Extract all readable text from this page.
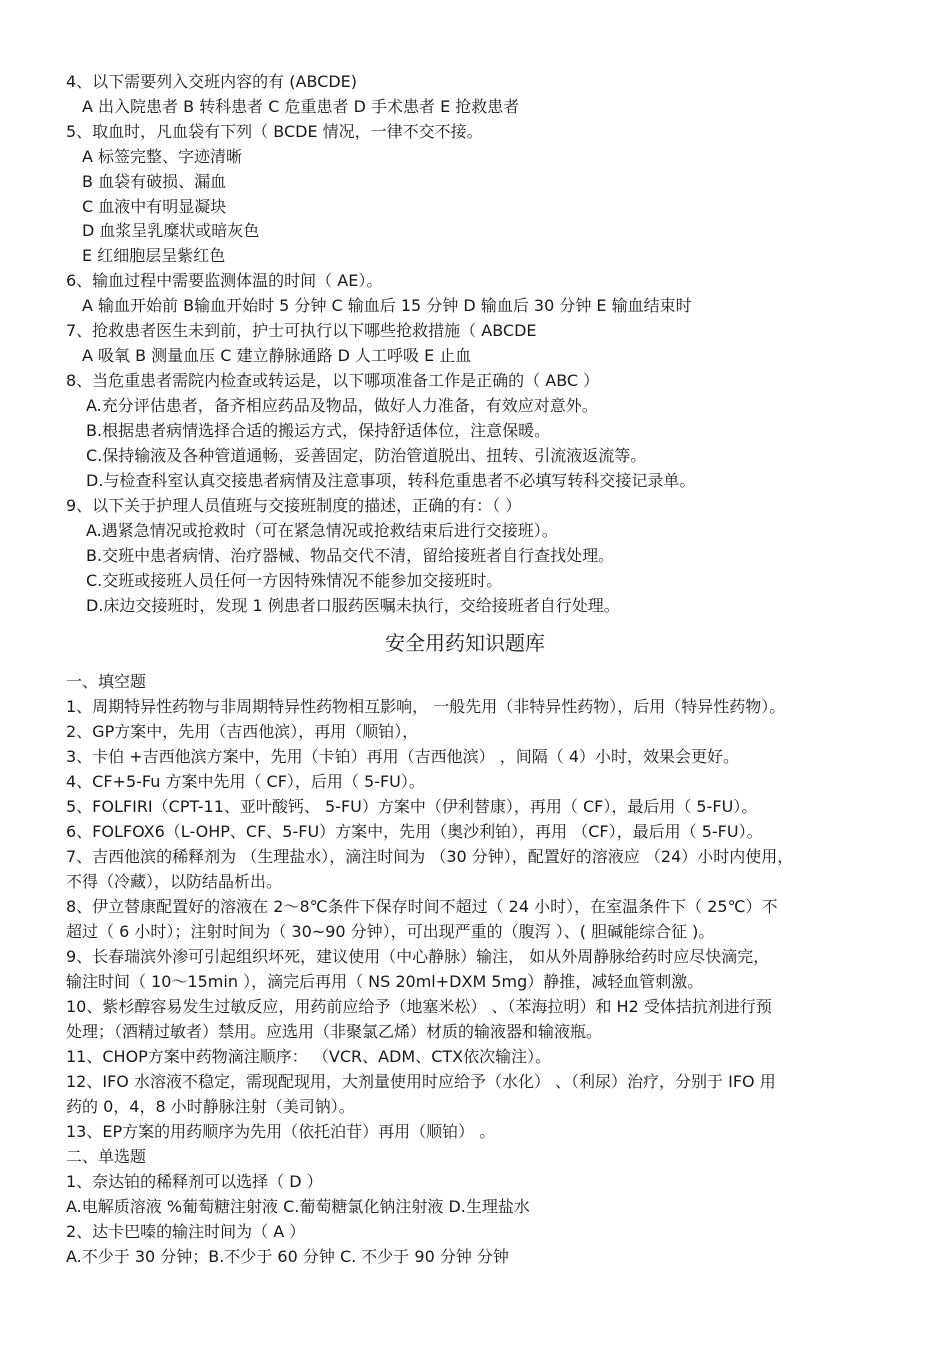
4、以下需要列入交班内容的有 (ABCDE)
A 出入院患者 B 转科患者 C 危重患者 D 手术患者 E 抢救患者
5、取血时，凡血袋有下列（ BCDE 情况，一律不交不接。
A 标签完整、字迹清晰
B 血袋有破损、漏血
C 血液中有明显凝块
D 血浆呈乳糜状或暗灰色
E 红细胞层呈紫红色
6、输血过程中需要监测体温的时间（ AE）。
A 输血开始前 B输血开始时 5 分钟 C 输血后 15 分钟 D 输血后 30 分钟 E 输血结束时
7、抢救患者医生未到前，护士可执行以下哪些抢救措施（ ABCDE
A 吸氧 B 测量血压 C 建立静脉通路 D 人工呼吸 E 止血
8、当危重患者需院内检查或转运是，以下哪项准备工作是正确的（ ABC ）
A.充分评估患者，备齐相应药品及物品，做好人力准备，有效应对意外。
B.根据患者病情选择合适的搬运方式，保持舒适体位，注意保暖。
C.保持输液及各种管道通畅，妥善固定，防治管道脱出、扭转、引流液返流等。
D.与检查科室认真交接患者病情及注意事项，转科危重患者不必填写转科交接记录单。
9、以下关于护理人员值班与交接班制度的描述，正确的有：（ ）
A.遇紧急情况或抢救时（可在紧急情况或抢救结束后进行交接班）。
B.交班中患者病情、治疗器械、物品交代不清，留给接班者自行查找处理。
C.交班或接班人员任何一方因特殊情况不能参加交接班时。
D.床边交接班时，发现 1 例患者口服药医嘱未执行，交给接班者自行处理。
安全用药知识题库
一、填空题
1、周期特异性药物与非周期特异性药物相互影响， 一般先用（非特异性药物），后用（特异性药物）。
2、GP方案中，先用（吉西他滨），再用（顺铂），
3、卡伯 +吉西他滨方案中，先用（卡铂）再用（吉西他滨） ，间隔（ 4）小时，效果会更好。
4、CF+5-Fu 方案中先用（ CF），后用（ 5-FU）。
5、FOLFIRI（CPT-11、亚叶酸钙、 5-FU）方案中（伊利替康），再用（ CF），最后用（ 5-FU）。
6、FOLFOX6（L-OHP、CF、5-FU）方案中，先用（奥沙利铂），再用 （CF），最后用（ 5-FU）。
7、吉西他滨的稀释剂为 （生理盐水），滴注时间为 （30 分钟），配置好的溶液应 （24）小时内使用，
不得（冷藏），以防结晶析出。
8、伊立替康配置好的溶液在 2～8℃条件下保存时间不超过（ 24 小时），在室温条件下（ 25℃）不
超过（ 6 小时）；注射时间为（ 30~90 分钟），可出现严重的（腹泻 ）、( 胆碱能综合征 )。
9、长春瑞滨外渗可引起组织坏死，建议使用（中心静脉）输注， 如从外周静脉给药时应尽快滴完，
输注时间（ 10～15min ），滴完后再用（ NS 20ml+DXM 5mg）静推，减轻血管刺激。
10、紫杉醇容易发生过敏反应，用药前应给予（地塞米松） 、（苯海拉明）和 H2 受体拮抗剂进行预
处理；（酒精过敏者）禁用。应选用（非聚氯乙烯）材质的输液器和输液瓶。
11、CHOP方案中药物滴注顺序： （VCR、ADM、CTX依次输注）。
12、IFO 水溶液不稳定，需现配现用，大剂量使用时应给予（水化） 、（利尿）治疗，分别于 IFO 用
药的 0，4，8 小时静脉注射（美司钠）。
13、EP方案的用药顺序为先用（依托泊苷）再用（顺铂） 。
二、单选题
1、奈达铂的稀释剂可以选择（ D ）
A.电解质溶液 %葡萄糖注射液 C.葡萄糖氯化钠注射液 D.生理盐水
2、达卡巴嗪的输注时间为（ A ）
A.不少于 30 分钟；B.不少于 60 分钟 C. 不少于 90 分钟 分钟
